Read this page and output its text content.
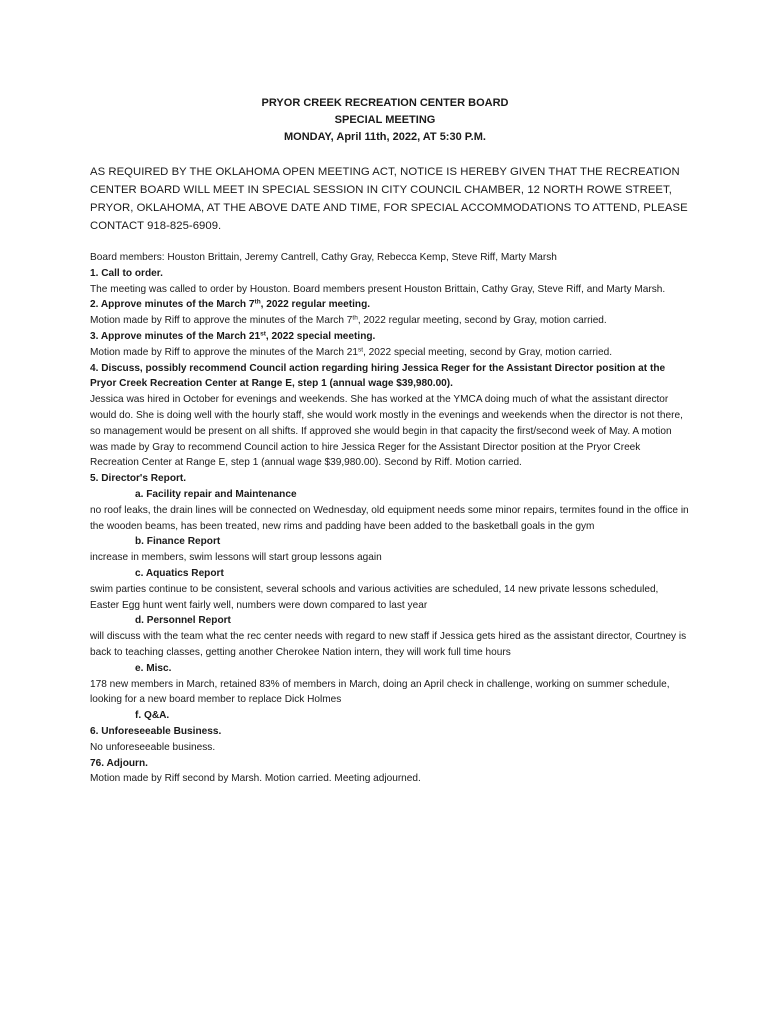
PRYOR CREEK RECREATION CENTER BOARD
SPECIAL MEETING
MONDAY, April 11th, 2022, AT 5:30 P.M.
AS REQUIRED BY THE OKLAHOMA OPEN MEETING ACT, NOTICE IS HEREBY GIVEN THAT THE RECREATION CENTER BOARD WILL MEET IN SPECIAL SESSION IN CITY COUNCIL CHAMBER, 12 NORTH ROWE STREET, PRYOR, OKLAHOMA, AT THE ABOVE DATE AND TIME, FOR SPECIAL ACCOMMODATIONS TO ATTEND, PLEASE CONTACT 918-825-6909.

Board members: Houston Brittain, Jeremy Cantrell, Cathy Gray, Rebecca Kemp, Steve Riff, Marty Marsh

1. Call to order.

The meeting was called to order by Houston. Board members present Houston Brittain, Cathy Gray, Steve Riff, and Marty Marsh.

2. Approve minutes of the March 7th, 2022 regular meeting.

Motion made by Riff to approve the minutes of the March 7th, 2022 regular meeting, second by Gray, motion carried.

3. Approve minutes of the March 21st, 2022 special meeting.

Motion made by Riff to approve the minutes of the March 21st, 2022 special meeting, second by Gray, motion carried.

4. Discuss, possibly recommend Council action regarding hiring Jessica Reger for the Assistant Director position at the Pryor Creek Recreation Center at Range E, step 1 (annual wage $39,980.00).

Jessica was hired in October for evenings and weekends. She has worked at the YMCA doing much of what the assistant director would do. She is doing well with the hourly staff, she would work mostly in the evenings and weekends when the director is not there, so management would be present on all shifts. If approved she would begin in that capacity the first/second week of May. A motion was made by Gray to recommend Council action to hire Jessica Reger for the Assistant Director position at the Pryor Creek Recreation Center at Range E, step 1 (annual wage $39,980.00). Second by Riff. Motion carried.

5. Director's Report.

a. Facility repair and Maintenance

no roof leaks, the drain lines will be connected on Wednesday, old equipment needs some minor repairs, termites found in the office in the wooden beams, has been treated, new rims and padding have been added to the basketball goals in the gym

b. Finance Report

increase in members, swim lessons will start group lessons again

c. Aquatics Report

swim parties continue to be consistent, several schools and various activities are scheduled, 14 new private lessons scheduled, Easter Egg hunt went fairly well, numbers were down compared to last year

d. Personnel Report

will discuss with the team what the rec center needs with regard to new staff if Jessica gets hired as the assistant director, Courtney is back to teaching classes, getting another Cherokee Nation intern, they will work full time hours

e. Misc.

178 new members in March, retained 83% of members in March, doing an April check in challenge, working on summer schedule, looking for a new board member to replace Dick Holmes

f. Q&A.

6. Unforeseeable Business.

No unforeseeable business.

76. Adjourn.

Motion made by Riff second by Marsh. Motion carried. Meeting adjourned.
